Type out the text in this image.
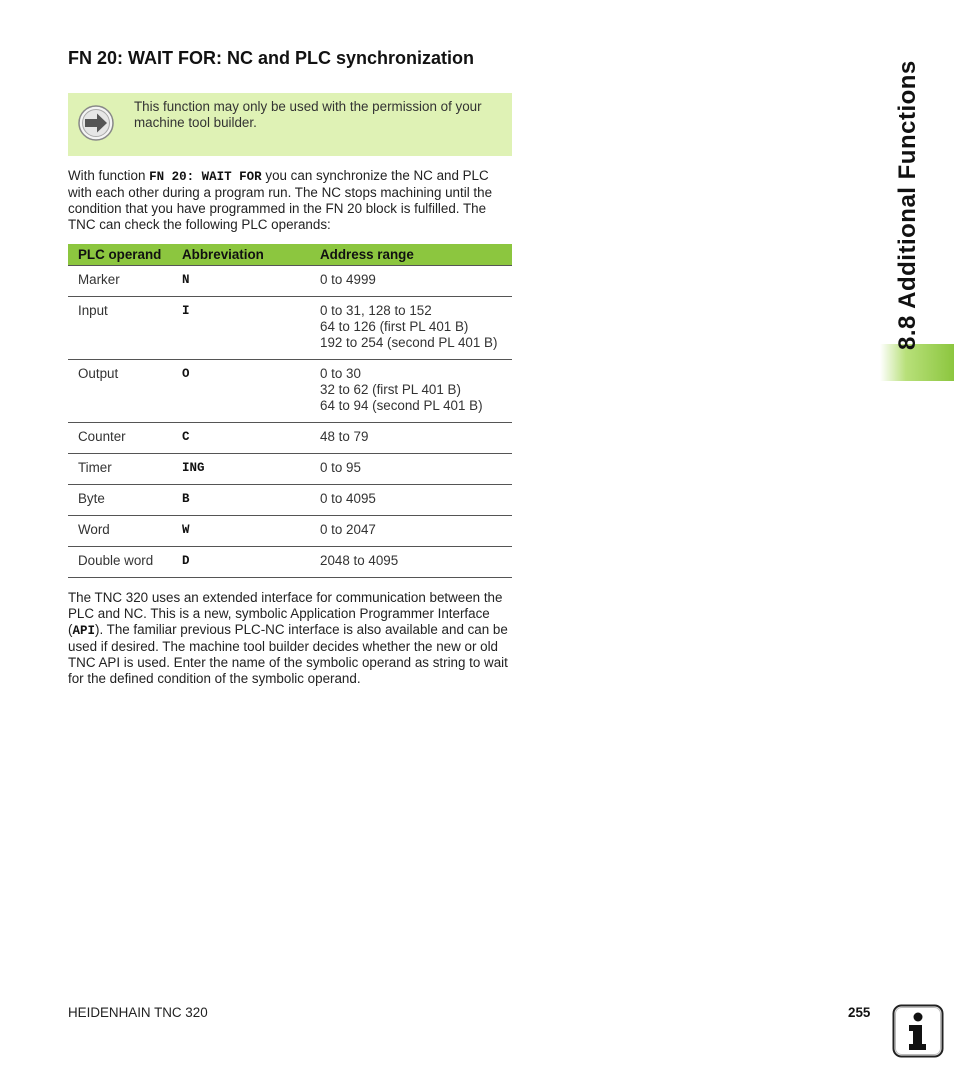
FN 20: WAIT FOR: NC and PLC synchronization
This function may only be used with the permission of your machine tool builder.
With function FN 20: WAIT FOR you can synchronize the NC and PLC with each other during a program run. The NC stops machining until the condition that you have programmed in the FN 20 block is fulfilled. The TNC can check the following PLC operands:
PLC operand	Abbreviation	Address range
Marker	N	0 to 4999

Input	I	0 to 31, 128 to 152
64 to 126 (first PL 401 B)
192 to 254 (second PL 401 B)

Output	O	0 to 30
32 to 62 (first PL 401 B)
64 to 94 (second PL 401 B)

Counter	C	48 to 79

Timer	ING	0 to 95

Byte	B	0 to 4095

Word	W	0 to 2047

Double word	D	2048 to 4095
The TNC 320 uses an extended interface for communication between the PLC and NC. This is a new, symbolic Application Programmer Interface (API). The familiar previous PLC-NC interface is also available and can be used if desired. The machine tool builder decides whether the new or old TNC API is used. Enter the name of the symbolic operand as string to wait for the defined condition of the symbolic operand.
8.8 Additional Functions
HEIDENHAIN TNC 320	255
